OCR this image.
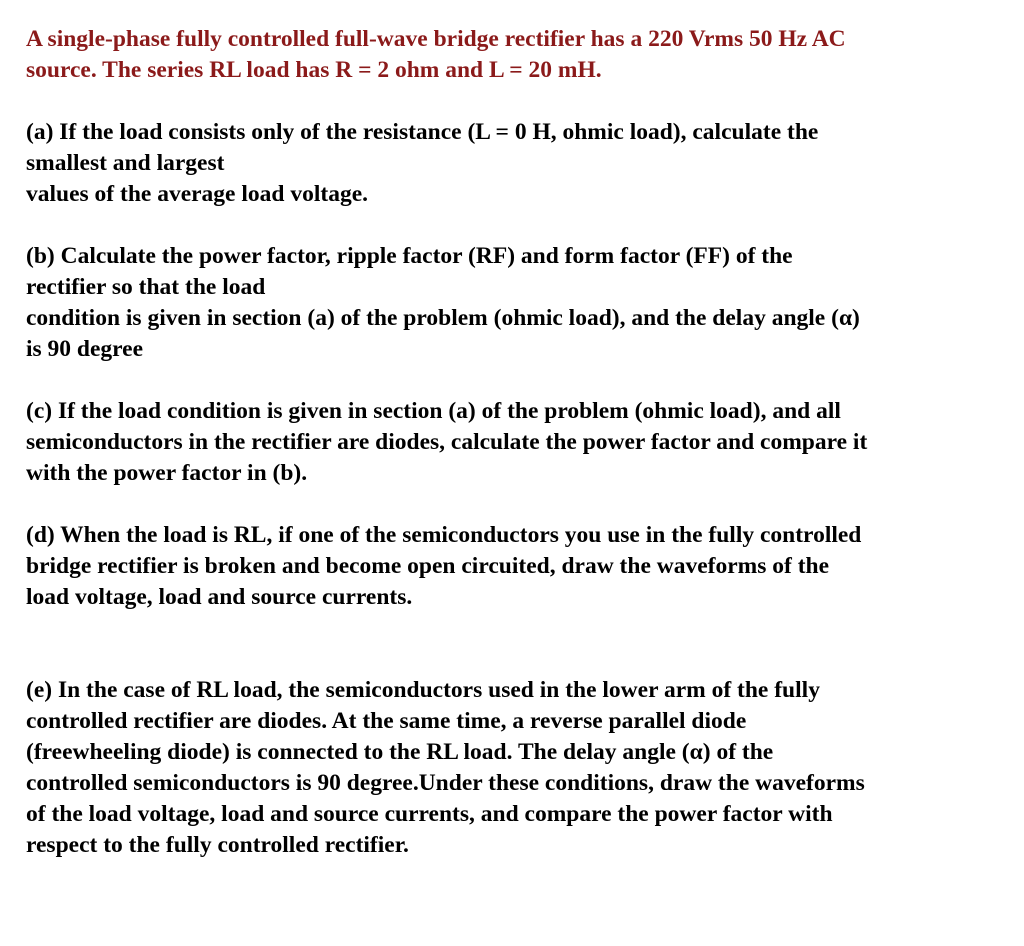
A single-phase fully controlled full-wave bridge rectifier has a 220 Vrms 50 Hz AC
source. The series RL load has R = 2 ohm and L = 20 mH.
(a) If the load consists only of the resistance (L = 0 H, ohmic load), calculate the
smallest and largest
values of the average load voltage.
(b) Calculate the power factor, ripple factor (RF) and form factor (FF) of the
rectifier so that the load
condition is given in section (a) of the problem (ohmic load), and the delay angle (α)
is 90 degree
(c) If the load condition is given in section (a) of the problem (ohmic load), and all
semiconductors in the rectifier are diodes, calculate the power factor and compare it
with the power factor in (b).
(d) When the load is RL, if one of the semiconductors you use in the fully controlled
bridge rectifier is broken and become open circuited, draw the waveforms of the
load voltage, load and source currents.
(e) In the case of RL load, the semiconductors used in the lower arm of the fully
controlled rectifier are diodes. At the same time, a reverse parallel diode
(freewheeling diode) is connected to the RL load. The delay angle (α) of the
controlled semiconductors is 90 degree.Under these conditions, draw the waveforms
of the load voltage, load and source currents, and compare the power factor with
respect to the fully controlled rectifier.
